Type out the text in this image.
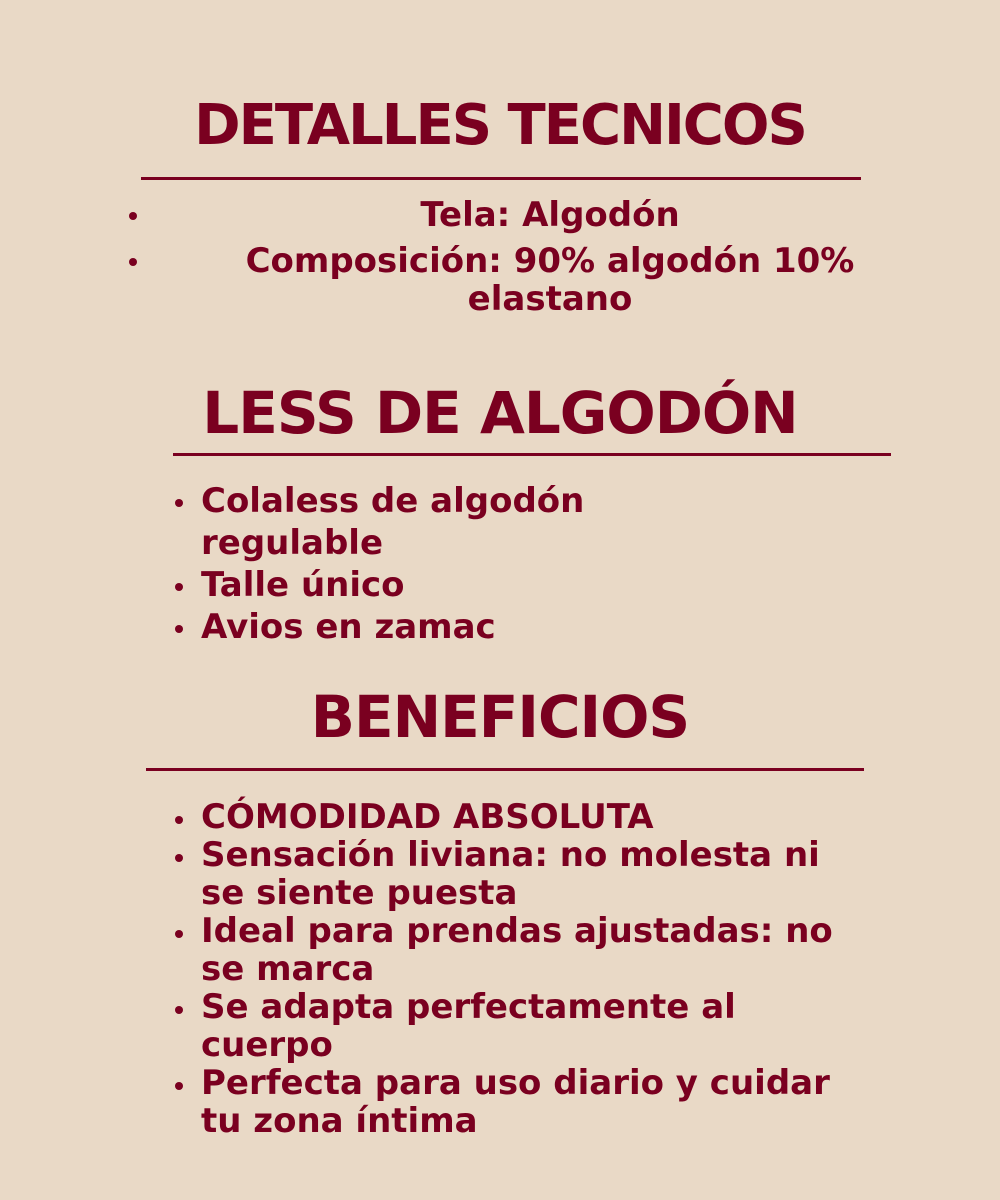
DETALLES TECNICOS
Tela: Algodón
Composición: 90% algodón 10% elastano
LESS DE ALGODÓN
Colaless de algodón regulable
Talle único
Avios en zamac
BENEFICIOS
CÓMODIDAD ABSOLUTA
Sensación liviana: no molesta ni se siente puesta
Ideal para prendas ajustadas: no se marca
Se adapta perfectamente al cuerpo
Perfecta para uso diario y cuidar tu zona íntima
